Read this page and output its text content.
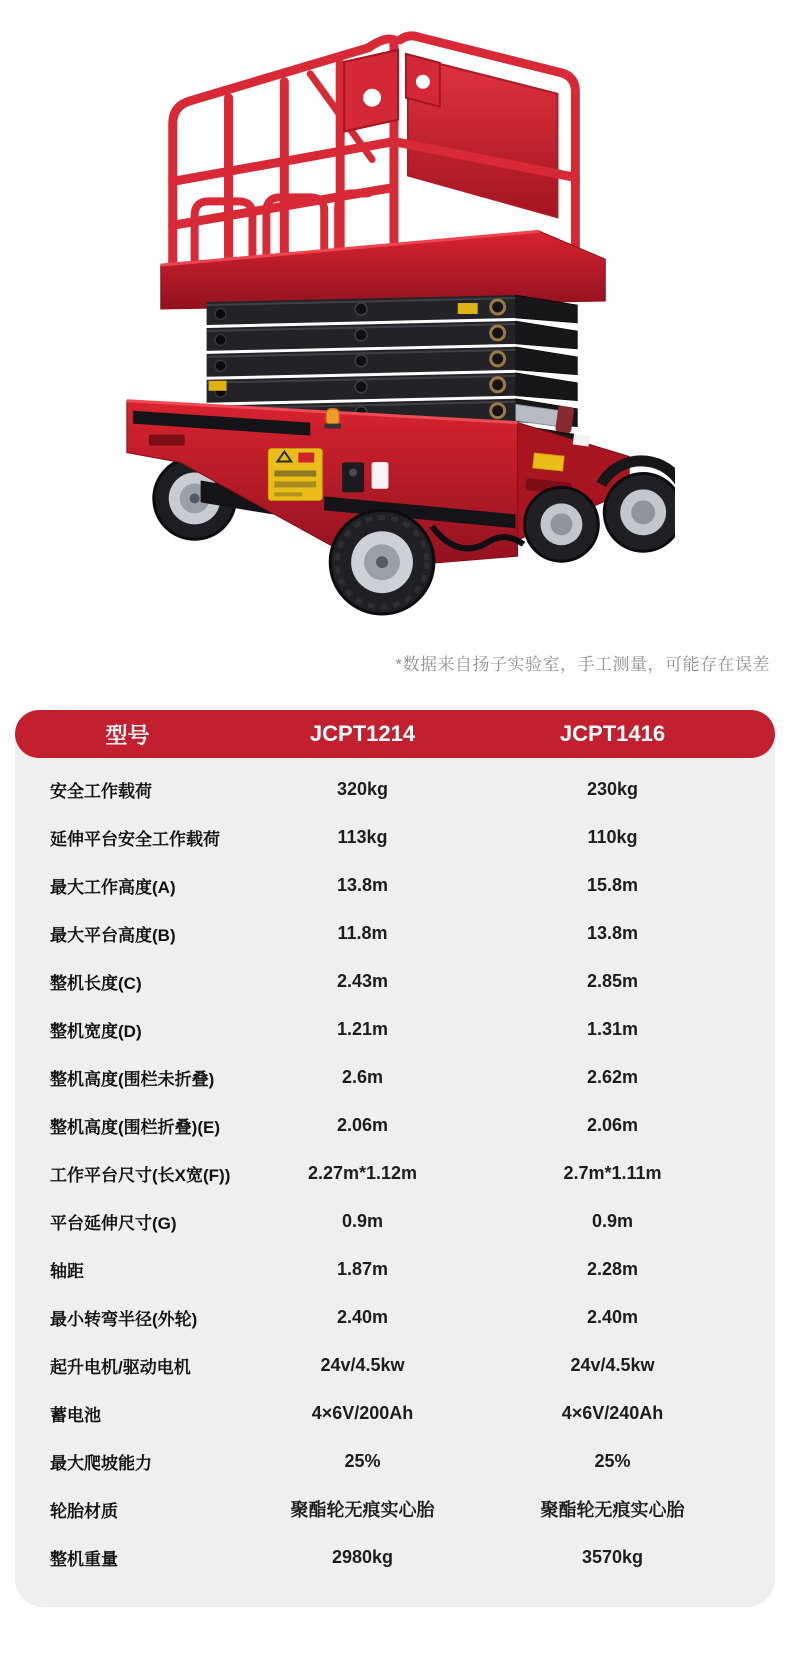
*数据来自扬子实验室，手工测量，可能存在误差
型号	JCPT1214	JCPT1416
安全工作载荷	320kg	230kg
延伸平台安全工作载荷	113kg	110kg
最大工作高度(A)	13.8m	15.8m
最大平台高度(B)	11.8m	13.8m
整机长度(C)	2.43m	2.85m
整机宽度(D)	1.21m	1.31m
整机高度(围栏未折叠)	2.6m	2.62m
整机高度(围栏折叠)(E)	2.06m	2.06m
工作平台尺寸(长X宽(F))	2.27m*1.12m	2.7m*1.11m
平台延伸尺寸(G)	0.9m	0.9m
轴距	1.87m	2.28m
最小转弯半径(外轮)	2.40m	2.40m
起升电机/驱动电机	24v/4.5kw	24v/4.5kw
蓄电池	4×6V/200Ah	4×6V/240Ah
最大爬坡能力	25%	25%
轮胎材质	聚酯轮无痕实心胎	聚酯轮无痕实心胎
整机重量	2980kg	3570kg
